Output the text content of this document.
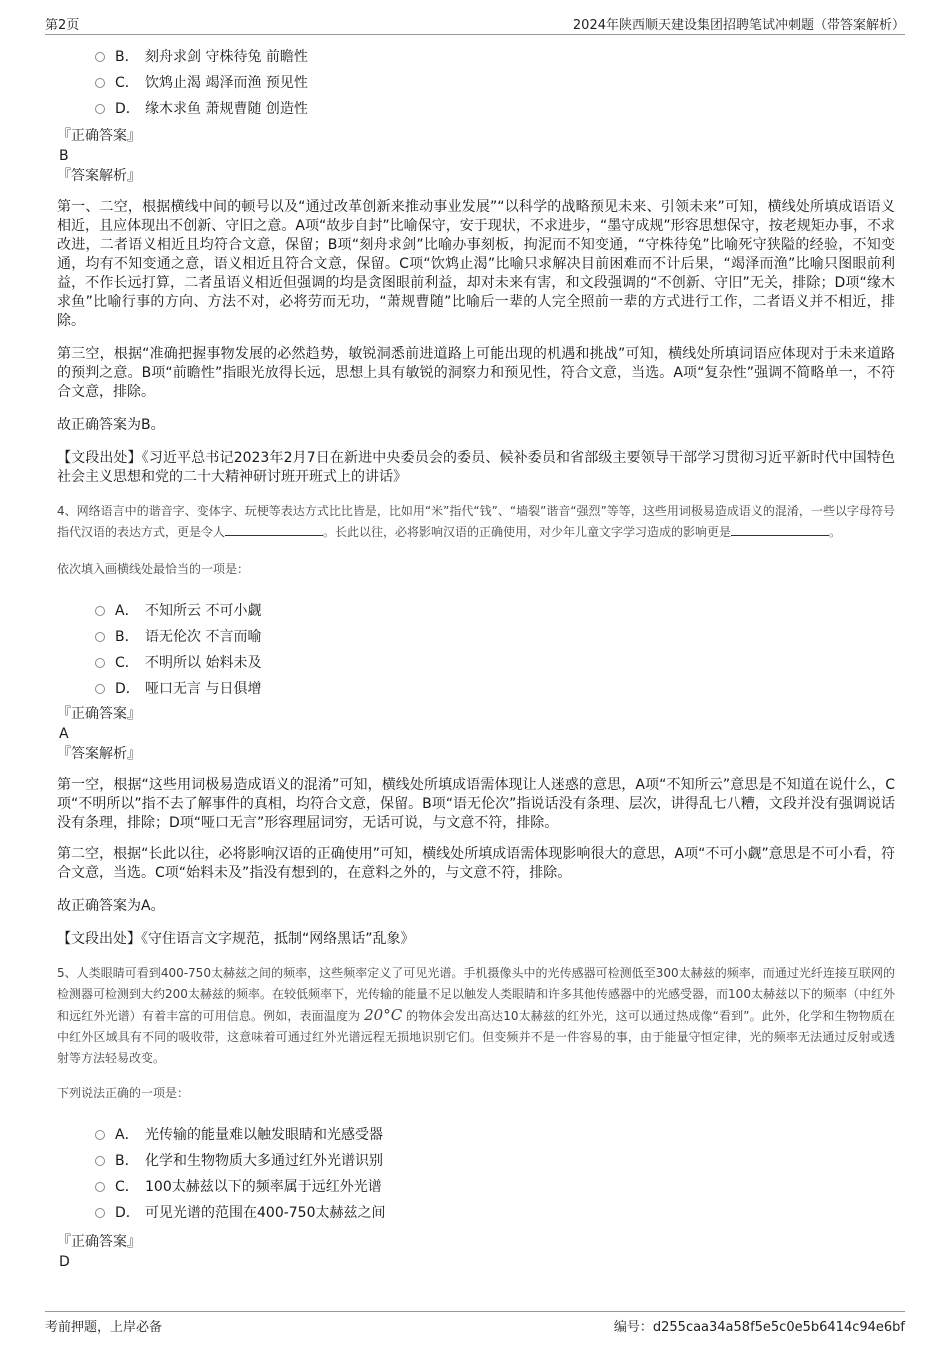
第2页	2024年陕西顺天建设集团招聘笔试冲刺题（带答案解析）
B． 刻舟求剑 守株待兔 前瞻性
C． 饮鸩止渴 竭泽而渔 预见性
D． 缘木求鱼 萧规曹随 创造性
『正确答案』
B
『答案解析』

第一、二空，根据横线中间的顿号以及“通过改革创新来推动事业发展”“以科学的战略预见未来、引领未来”可知，横线处所填成语语义相近，且应体现出不创新、守旧之意。A项“故步自封”比喻保守，安于现状，不求进步，“墨守成规”形容思想保守，按老规矩办事，不求改进，二者语义相近且均符合文意，保留；B项“刻舟求剑”比喻办事刻板，拘泥而不知变通，“守株待兔”比喻死守狭隘的经验，不知变通，均有不知变通之意，语义相近且符合文意，保留。C项“饮鸩止渴”比喻只求解决目前困难而不计后果，“竭泽而渔”比喻只图眼前利益，不作长远打算，二者虽语义相近但强调的均是贪图眼前利益，却对未来有害，和文段强调的“不创新、守旧”无关，排除；D项“缘木求鱼”比喻行事的方向、方法不对，必将劳而无功，“萧规曹随”比喻后一辈的人完全照前一辈的方式进行工作，二者语义并不相近，排除。

第三空，根据“准确把握事物发展的必然趋势，敏锐洞悉前进道路上可能出现的机遇和挑战”可知，横线处所填词语应体现对于未来道路的预判之意。B项“前瞻性”指眼光放得长远，思想上具有敏锐的洞察力和预见性，符合文意，当选。A项“复杂性”强调不简略单一，不符合文意，排除。

故正确答案为B。

【文段出处】《习近平总书记2023年2月7日在新进中央委员会的委员、候补委员和省部级主要领导干部学习贯彻习近平新时代中国特色社会主义思想和党的二十大精神研讨班开班式上的讲话》

4、网络语言中的谐音字、变体字、玩梗等表达方式比比皆是，比如用“米”指代“钱”、“墙裂”谐音“强烈”等等，这些用词极易造成语义的混淆，一些以字母符号指代汉语的表达方式，更是令人	。长此以往，必将影响汉语的正确使用，对少年儿童文字学习造成的影响更是	。

依次填入画横线处最恰当的一项是：

A． 不知所云 不可小觑
B． 语无伦次 不言而喻
C． 不明所以 始料未及
D． 哑口无言 与日俱增
『正确答案』
A
『答案解析』

第一空，根据“这些用词极易造成语义的混淆”可知，横线处所填成语需体现让人迷惑的意思，A项“不知所云”意思是不知道在说什么，C项“不明所以”指不去了解事件的真相，均符合文意，保留。B项“语无伦次”指说话没有条理、层次，讲得乱七八糟，文段并没有强调说话没有条理，排除；D项“哑口无言”形容理屈词穷，无话可说，与文意不符，排除。

第二空，根据“长此以往，必将影响汉语的正确使用”可知，横线处所填成语需体现影响很大的意思，A项“不可小觑”意思是不可小看，符合文意，当选。C项“始料未及”指没有想到的，在意料之外的，与文意不符，排除。

故正确答案为A。

【文段出处】《守住语言文字规范，抵制“网络黑话”乱象》

5、人类眼睛可看到400-750太赫兹之间的频率，这些频率定义了可见光谱。手机摄像头中的光传感器可检测低至300太赫兹的频率，而通过光纤连接互联网的检测器可检测到大约200太赫兹的频率。在较低频率下，光传输的能量不足以触发人类眼睛和许多其他传感器中的光感受器，而100太赫兹以下的频率（中红外和远红外光谱）有着丰富的可用信息。例如，表面温度为 20°C 的物体会发出高达10太赫兹的红外光，这可以通过热成像“看到”。此外，化学和生物物质在中红外区域具有不同的吸收带，这意味着可通过红外光谱远程无损地识别它们。但变频并不是一件容易的事，由于能量守恒定律，光的频率无法通过反射或透射等方法轻易改变。

下列说法正确的一项是：

A． 光传输的能量难以触发眼睛和光感受器
B． 化学和生物物质大多通过红外光谱识别
C． 100太赫兹以下的频率属于远红外光谱
D． 可见光谱的范围在400-750太赫兹之间
『正确答案』
D
考前押题，上岸必备	编号：d255caa34a58f5e5c0e5b6414c94e6bf
